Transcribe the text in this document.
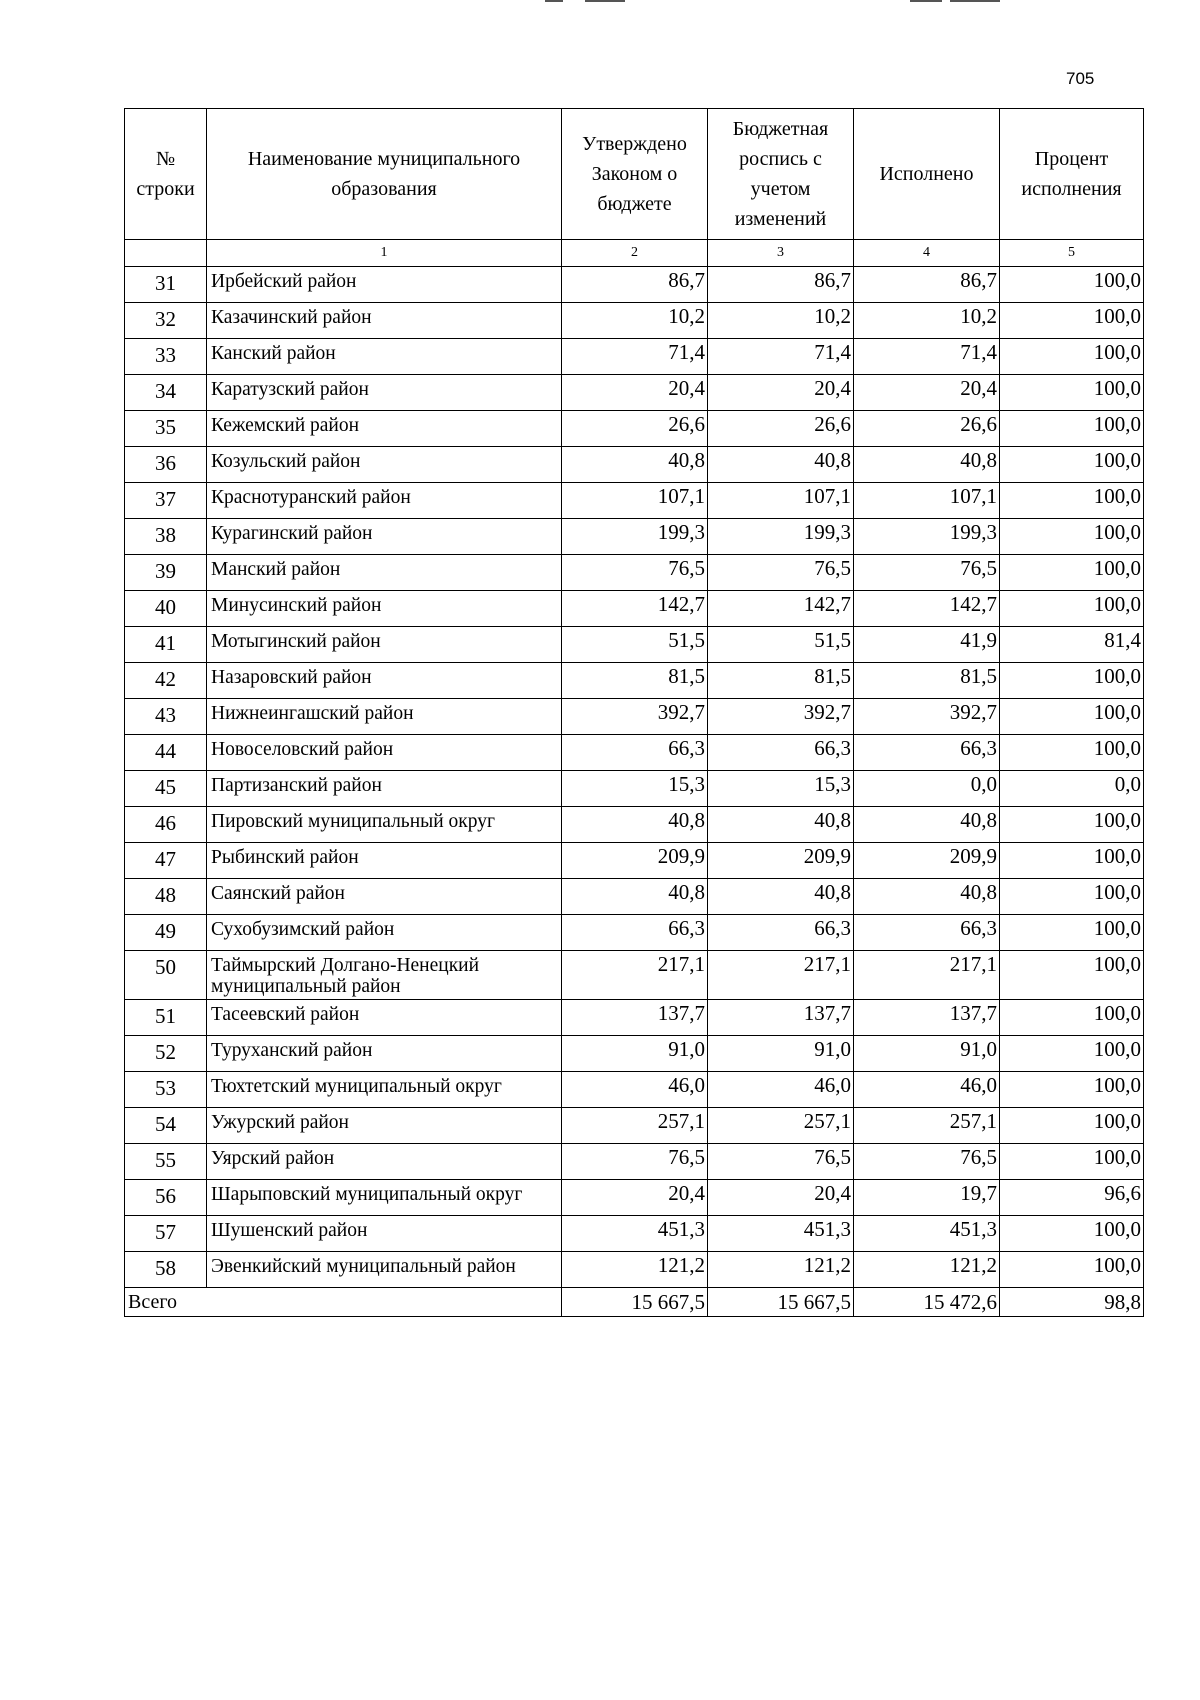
705
№ строки	Наименование муниципального образования	Утверждено Законом о бюджете	Бюджетная роспись с учетом изменений	Исполнено	Процент исполнения
	1	2	3	4	5
31	Ирбейский район	86,7	86,7	86,7	100,0
32	Казачинский район	10,2	10,2	10,2	100,0
33	Канский район	71,4	71,4	71,4	100,0
34	Каратузский район	20,4	20,4	20,4	100,0
35	Кежемский район	26,6	26,6	26,6	100,0
36	Козульский район	40,8	40,8	40,8	100,0
37	Краснотуранский район	107,1	107,1	107,1	100,0
38	Курагинский район	199,3	199,3	199,3	100,0
39	Манский район	76,5	76,5	76,5	100,0
40	Минусинский район	142,7	142,7	142,7	100,0
41	Мотыгинский район	51,5	51,5	41,9	81,4
42	Назаровский район	81,5	81,5	81,5	100,0
43	Нижнеингашский район	392,7	392,7	392,7	100,0
44	Новоселовский район	66,3	66,3	66,3	100,0
45	Партизанский район	15,3	15,3	0,0	0,0
46	Пировский муниципальный округ	40,8	40,8	40,8	100,0
47	Рыбинский район	209,9	209,9	209,9	100,0
48	Саянский район	40,8	40,8	40,8	100,0
49	Сухобузимский район	66,3	66,3	66,3	100,0
50	Таймырский Долгано-Ненецкий муниципальный район	217,1	217,1	217,1	100,0
51	Тасеевский район	137,7	137,7	137,7	100,0
52	Туруханский район	91,0	91,0	91,0	100,0
53	Тюхтетский муниципальный округ	46,0	46,0	46,0	100,0
54	Ужурский район	257,1	257,1	257,1	100,0
55	Уярский район	76,5	76,5	76,5	100,0
56	Шарыповский муниципальный округ	20,4	20,4	19,7	96,6
57	Шушенский район	451,3	451,3	451,3	100,0
58	Эвенкийский муниципальный район	121,2	121,2	121,2	100,0
Всего		15 667,5	15 667,5	15 472,6	98,8
